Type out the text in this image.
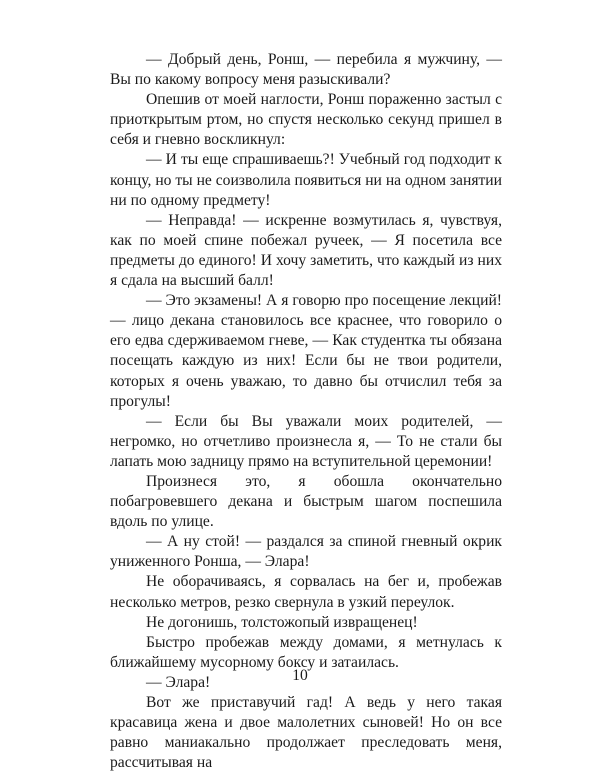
— Добрый день, Ронш, — перебила я мужчину, — Вы по какому вопросу меня разыскивали?

Опешив от моей наглости, Ронш пораженно застыл с приоткрытым ртом, но спустя несколько секунд пришел в себя и гневно воскликнул:

— И ты еще спрашиваешь?! Учебный год подходит к концу, но ты не соизволила появиться ни на одном занятии ни по одному предмету!

— Неправда! — искренне возмутилась я, чувствуя, как по моей спине побежал ручеек, — Я посетила все предметы до единого! И хочу заметить, что каждый из них я сдала на высший балл!

— Это экзамены! А я говорю про посещение лекций! — лицо декана становилось все краснее, что говорило о его едва сдерживаемом гневе, — Как студентка ты обязана посещать каждую из них! Если бы не твои родители, которых я очень уважаю, то давно бы отчислил тебя за прогулы!

— Если бы Вы уважали моих родителей, — негромко, но отчетливо произнесла я, — То не стали бы лапать мою задницу прямо на вступительной церемонии!

Произнеся это, я обошла окончательно побагровевшего декана и быстрым шагом поспешила вдоль по улице.

— А ну стой! — раздался за спиной гневный окрик униженного Ронша, — Элара!

Не оборачиваясь, я сорвалась на бег и, пробежав несколько метров, резко свернула в узкий переулок.

Не догонишь, толстожопый извращенец!

Быстро пробежав между домами, я метнулась к ближайшему мусорному боксу и затаилась.

— Элара!

Вот же приставучий гад! А ведь у него такая красавица жена и двое малолетних сыновей! Но он все равно маниакально продолжает преследовать меня, рассчитывая на

10
